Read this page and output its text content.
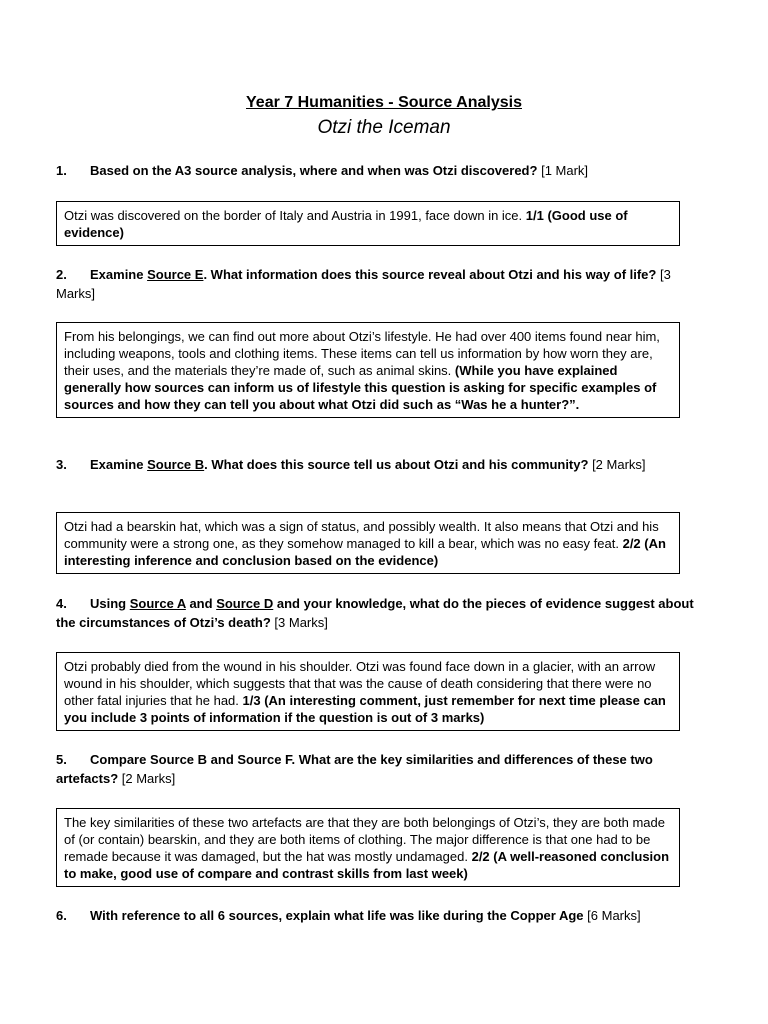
Year 7 Humanities - Source Analysis
Otzi the Iceman
1. Based on the A3 source analysis, where and when was Otzi discovered? [1 Mark]
Otzi was discovered on the border of Italy and Austria in 1991, face down in ice. 1/1 (Good use of evidence)
2. Examine Source E. What information does this source reveal about Otzi and his way of life? [3 Marks]
From his belongings, we can find out more about Otzi’s lifestyle. He had over 400 items found near him, including weapons, tools and clothing items. These items can tell us information by how worn they are, their uses, and the materials they’re made of, such as animal skins. (While you have explained generally how sources can inform us of lifestyle this question is asking for specific examples of sources and how they can tell you about what Otzi did such as “Was he a hunter?”.
3. Examine Source B. What does this source tell us about Otzi and his community? [2 Marks]
Otzi had a bearskin hat, which was a sign of status, and possibly wealth. It also means that Otzi and his community were a strong one, as they somehow managed to kill a bear, which was no easy feat. 2/2 (An interesting inference and conclusion based on the evidence)
4. Using Source A and Source D and your knowledge, what do the pieces of evidence suggest about the circumstances of Otzi’s death? [3 Marks]
Otzi probably died from the wound in his shoulder. Otzi was found face down in a glacier, with an arrow wound in his shoulder, which suggests that that was the cause of death considering that there were no other fatal injuries that he had. 1/3 (An interesting comment, just remember for next time please can you include 3 points of information if the question is out of 3 marks)
5. Compare Source B and Source F. What are the key similarities and differences of these two artefacts? [2 Marks]
The key similarities of these two artefacts are that they are both belongings of Otzi’s, they are both made of (or contain) bearskin, and they are both items of clothing. The major difference is that one had to be remade because it was damaged, but the hat was mostly undamaged. 2/2 (A well-reasoned conclusion to make, good use of compare and contrast skills from last week)
6. With reference to all 6 sources, explain what life was like during the Copper Age [6 Marks]
